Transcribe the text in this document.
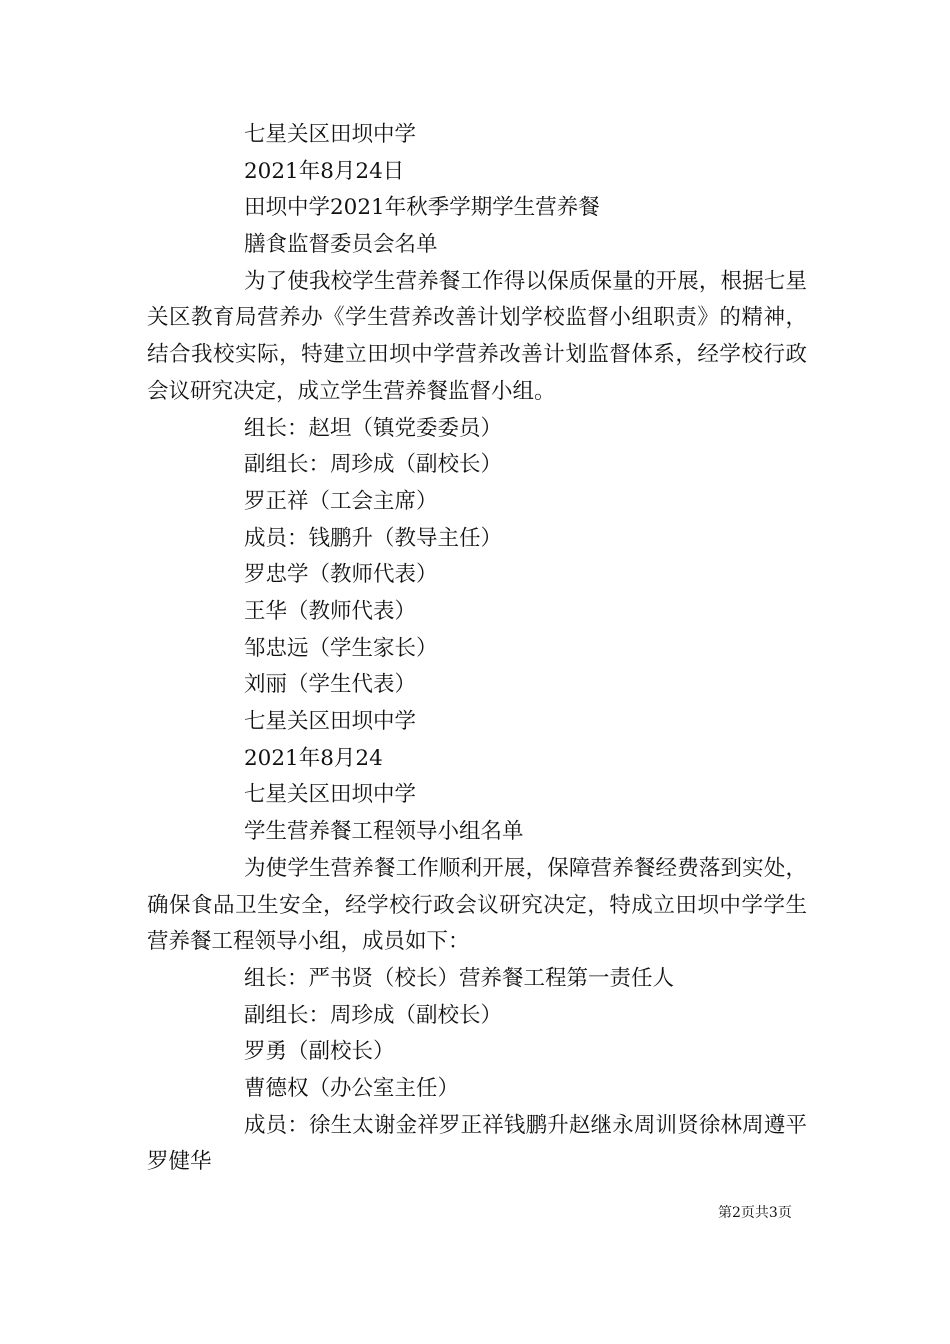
七星关区田坝中学
2021年8月24日
田坝中学2021年秋季学期学生营养餐
膳食监督委员会名单

为了使我校学生营养餐工作得以保质保量的开展，根据七星关区教育局营养办《学生营养改善计划学校监督小组职责》的精神，结合我校实际，特建立田坝中学营养改善计划监督体系，经学校行政会议研究决定，成立学生营养餐监督小组。

组长：赵坦（镇党委委员）
副组长：周珍成（副校长）
罗正祥（工会主席）
成员：钱鹏升（教导主任）
罗忠学（教师代表）
王华（教师代表）
邹忠远（学生家长）
刘丽（学生代表）
七星关区田坝中学
2021年8月24
七星关区田坝中学
学生营养餐工程领导小组名单

为使学生营养餐工作顺利开展，保障营养餐经费落到实处，确保食品卫生安全，经学校行政会议研究决定，特成立田坝中学学生营养餐工程领导小组，成员如下：

组长：严书贤（校长）营养餐工程第一责任人
副组长：周珍成（副校长）
罗勇（副校长）
曹德权（办公室主任）

成员：徐生太谢金祥罗正祥钱鹏升赵继永周训贤徐林周遵平罗健华

第2页共3页
